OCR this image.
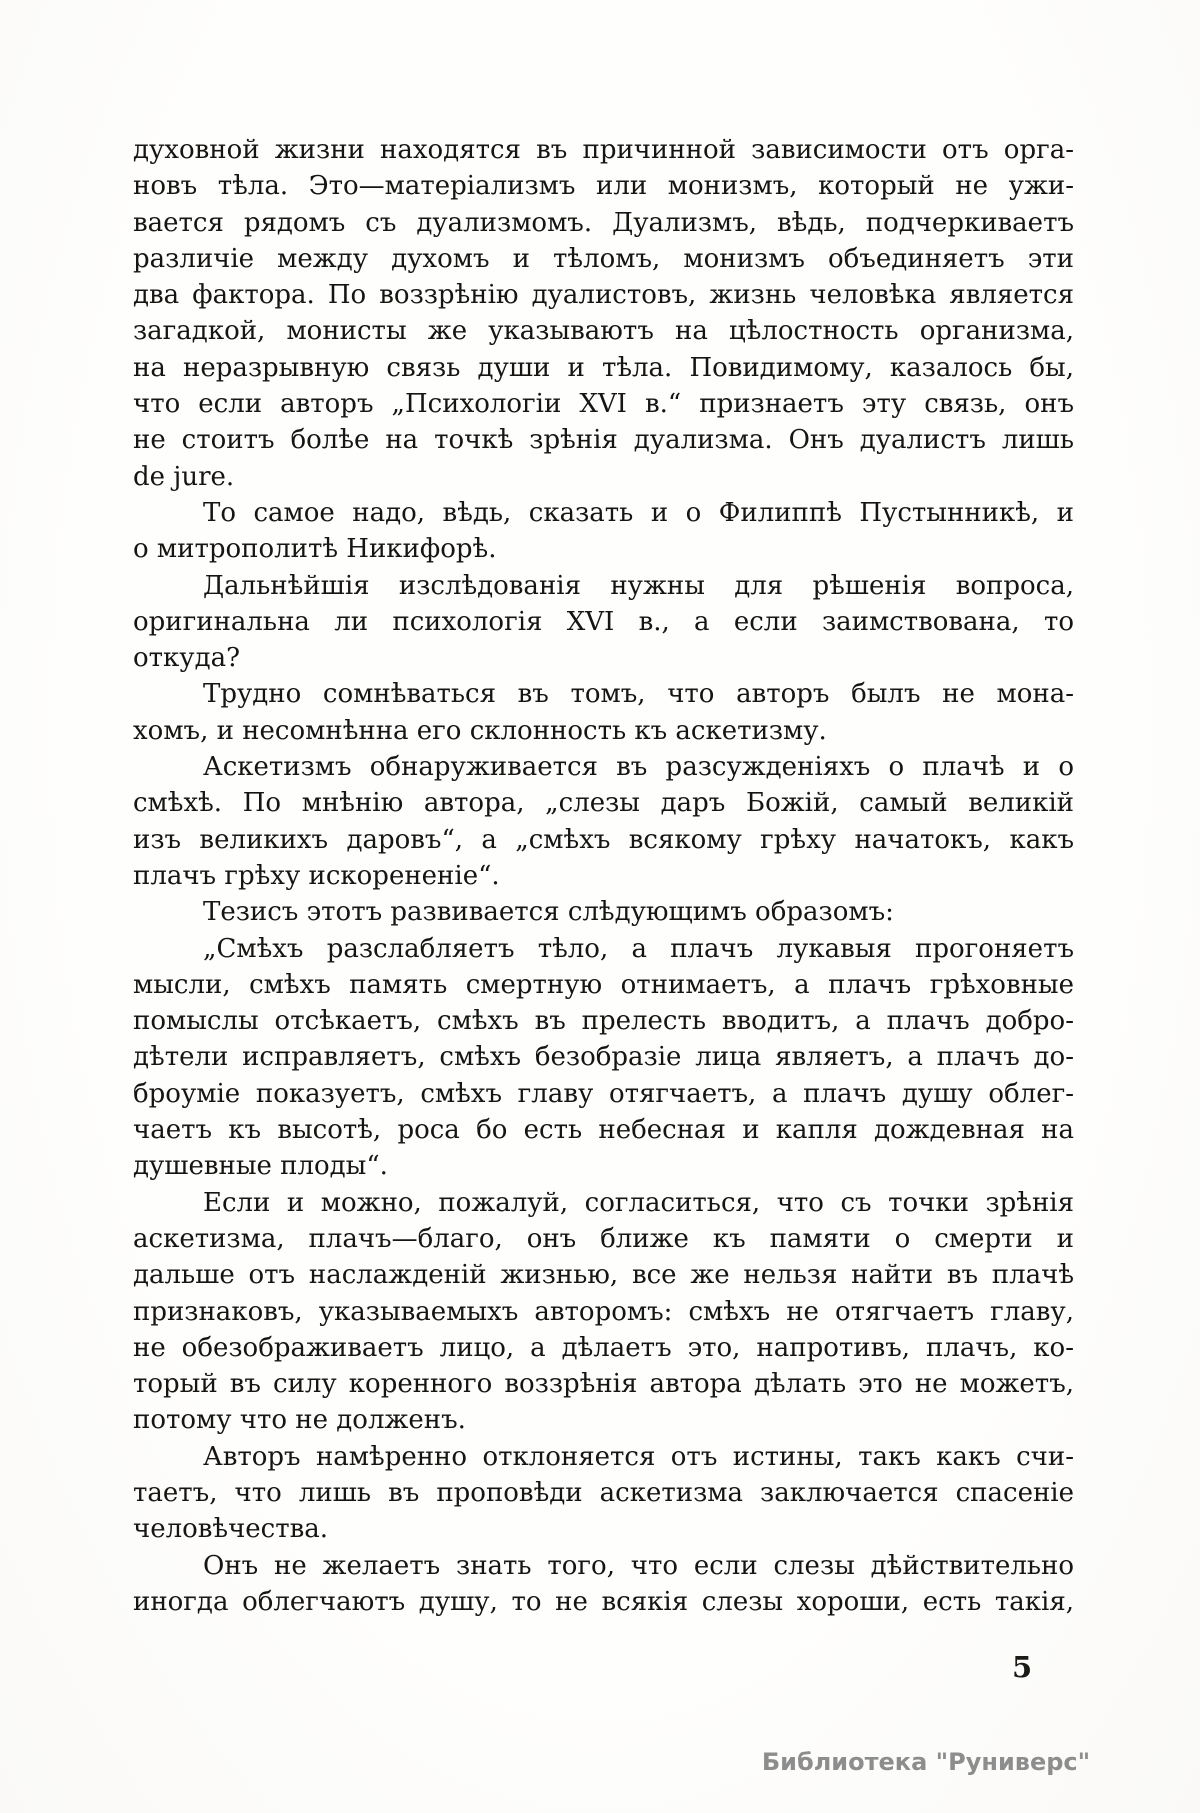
духовной жизни находятся въ причинной зависимости отъ орга-
новъ тѣла. Это—матеріализмъ или монизмъ, который не ужи-
вается рядомъ съ дуализмомъ. Дуализмъ, вѣдь, подчеркиваетъ
различіе между духомъ и тѣломъ, монизмъ объединяетъ эти
два фактора. По воззрѣнію дуалистовъ, жизнь человѣка является
загадкой, монисты же указываютъ на цѣлостность организма,
на неразрывную связь души и тѣла. Повидимому, казалось бы,
что если авторъ „Психологіи XVI в.“ признаетъ эту связь, онъ
не стоитъ болѣе на точкѣ зрѣнія дуализма. Онъ дуалистъ лишь
de jure.
То самое надо, вѣдь, сказать и о Филиппѣ Пустынникѣ, и
о митрополитѣ Никифорѣ.
Дальнѣйшія изслѣдованія нужны для рѣшенія вопроса,
оригинальна ли психологія XVI в., а если заимствована, то
откуда?
Трудно сомнѣваться въ томъ, что авторъ былъ не мона-
хомъ, и несомнѣнна его склонность къ аскетизму.
Аскетизмъ обнаруживается въ разсужденіяхъ о плачѣ и о
смѣхѣ. По мнѣнію автора, „слезы даръ Божій, самый великій
изъ великихъ даровъ“, а „смѣхъ всякому грѣху начатокъ, какъ
плачъ грѣху искорененіе“.
Тезисъ этотъ развивается слѣдующимъ образомъ:
„Смѣхъ разслабляетъ тѣло, а плачъ лукавыя прогоняетъ
мысли, смѣхъ память смертную отнимаетъ, а плачъ грѣховные
помыслы отсѣкаетъ, смѣхъ въ прелесть вводитъ, а плачъ добро-
дѣтели исправляетъ, смѣхъ безобразіе лица являетъ, а плачъ до-
броуміе показуетъ, смѣхъ главу отягчаетъ, а плачъ душу облег-
чаетъ къ высотѣ, роса бо есть небесная и капля дождевная на
душевные плоды“.
Если и можно, пожалуй, согласиться, что съ точки зрѣнія
аскетизма, плачъ—благо, онъ ближе къ памяти о смерти и
дальше отъ наслажденій жизнью, все же нельзя найти въ плачѣ
признаковъ, указываемыхъ авторомъ: смѣхъ не отягчаетъ главу,
не обезображиваетъ лицо, а дѣлаетъ это, напротивъ, плачъ, ко-
торый въ силу коренного воззрѣнія автора дѣлать это не можетъ,
потому что не долженъ.
Авторъ намѣренно отклоняется отъ истины, такъ какъ счи-
таетъ, что лишь въ проповѣди аскетизма заключается спасеніе
человѣчества.
Онъ не желаетъ знать того, что если слезы дѣйствительно
иногда облегчаютъ душу, то не всякія слезы хороши, есть такія,
5
Библиотека "Руниверс"
